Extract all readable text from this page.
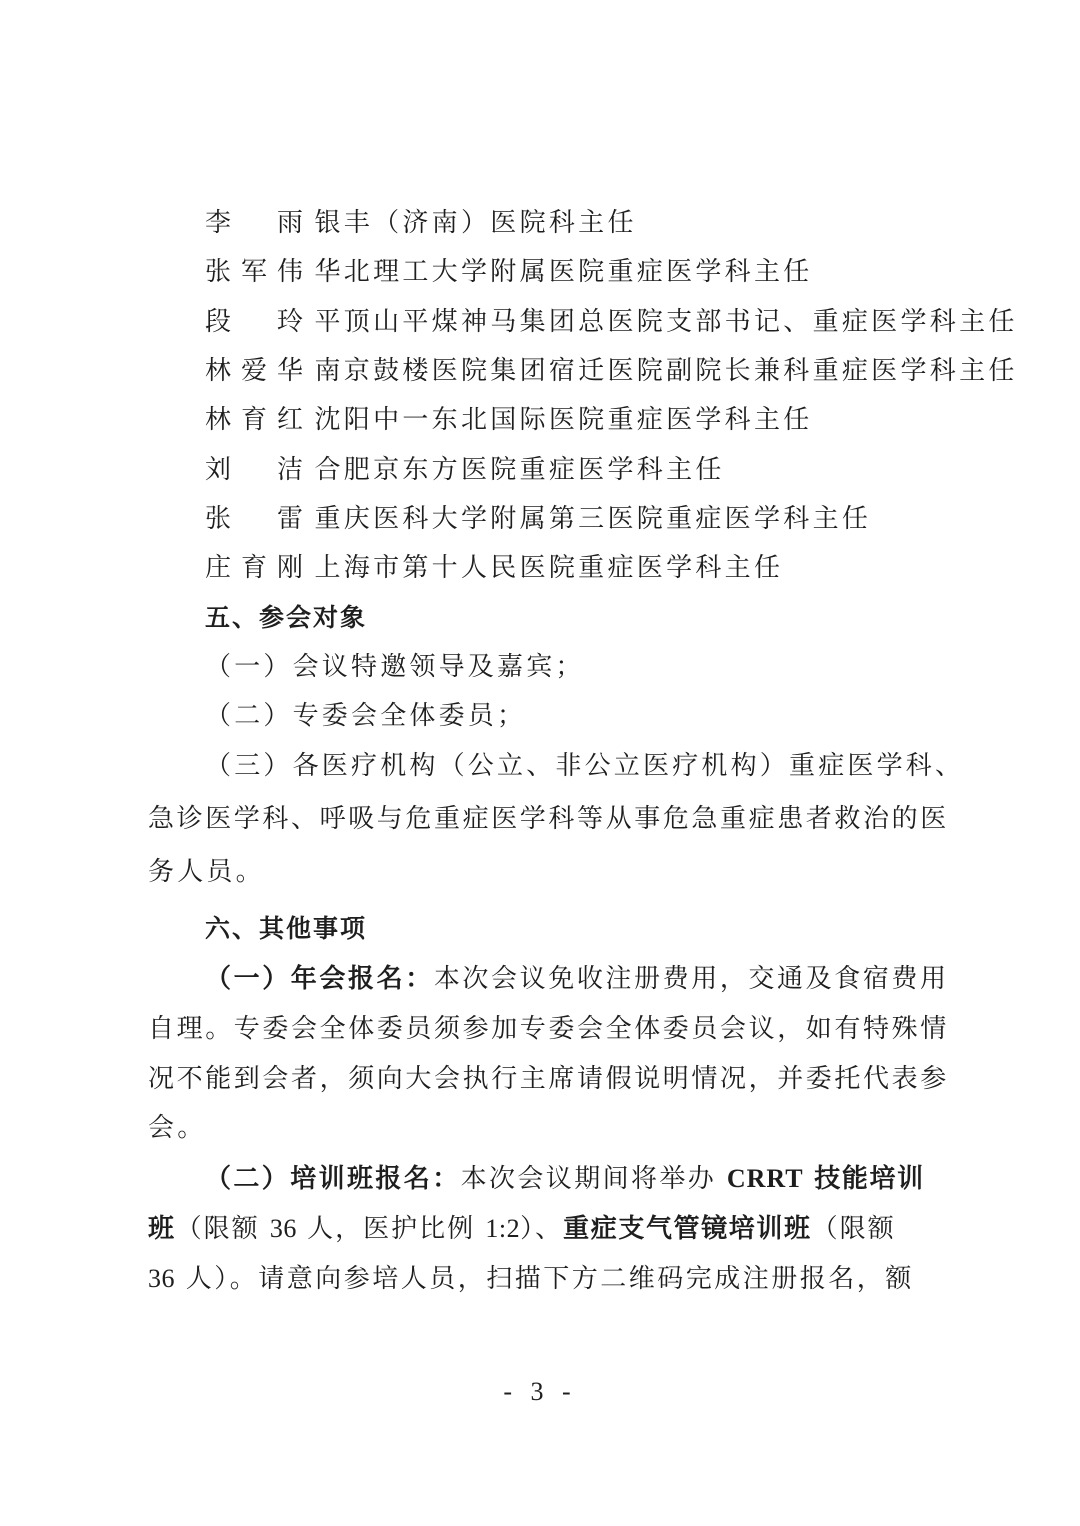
李雨 银丰（济南）医院科主任
张军伟 华北理工大学附属医院重症医学科主任
段玲 平顶山平煤神马集团总医院支部书记、重症医学科主任
林爱华 南京鼓楼医院集团宿迁医院副院长兼科重症医学科主任
林育红 沈阳中一东北国际医院重症医学科主任
刘洁 合肥京东方医院重症医学科主任
张雷 重庆医科大学附属第三医院重症医学科主任
庄育刚 上海市第十人民医院重症医学科主任
五、参会对象
（一）会议特邀领导及嘉宾；
（二）专委会全体委员；
（三）各医疗机构（公立、非公立医疗机构）重症医学科、
急诊医学科、呼吸与危重症医学科等从事危急重症患者救治的医
务人员。
六、其他事项
（一）年会报名：本次会议免收注册费用，交通及食宿费用
自理。专委会全体委员须参加专委会全体委员会议，如有特殊情
况不能到会者，须向大会执行主席请假说明情况，并委托代表参
会。
（二）培训班报名：本次会议期间将举办 CRRT 技能培训
班（限额 36 人，医护比例 1:2）、重症支气管镜培训班（限额
36 人）。请意向参培人员，扫描下方二维码完成注册报名，额
- 3 -
